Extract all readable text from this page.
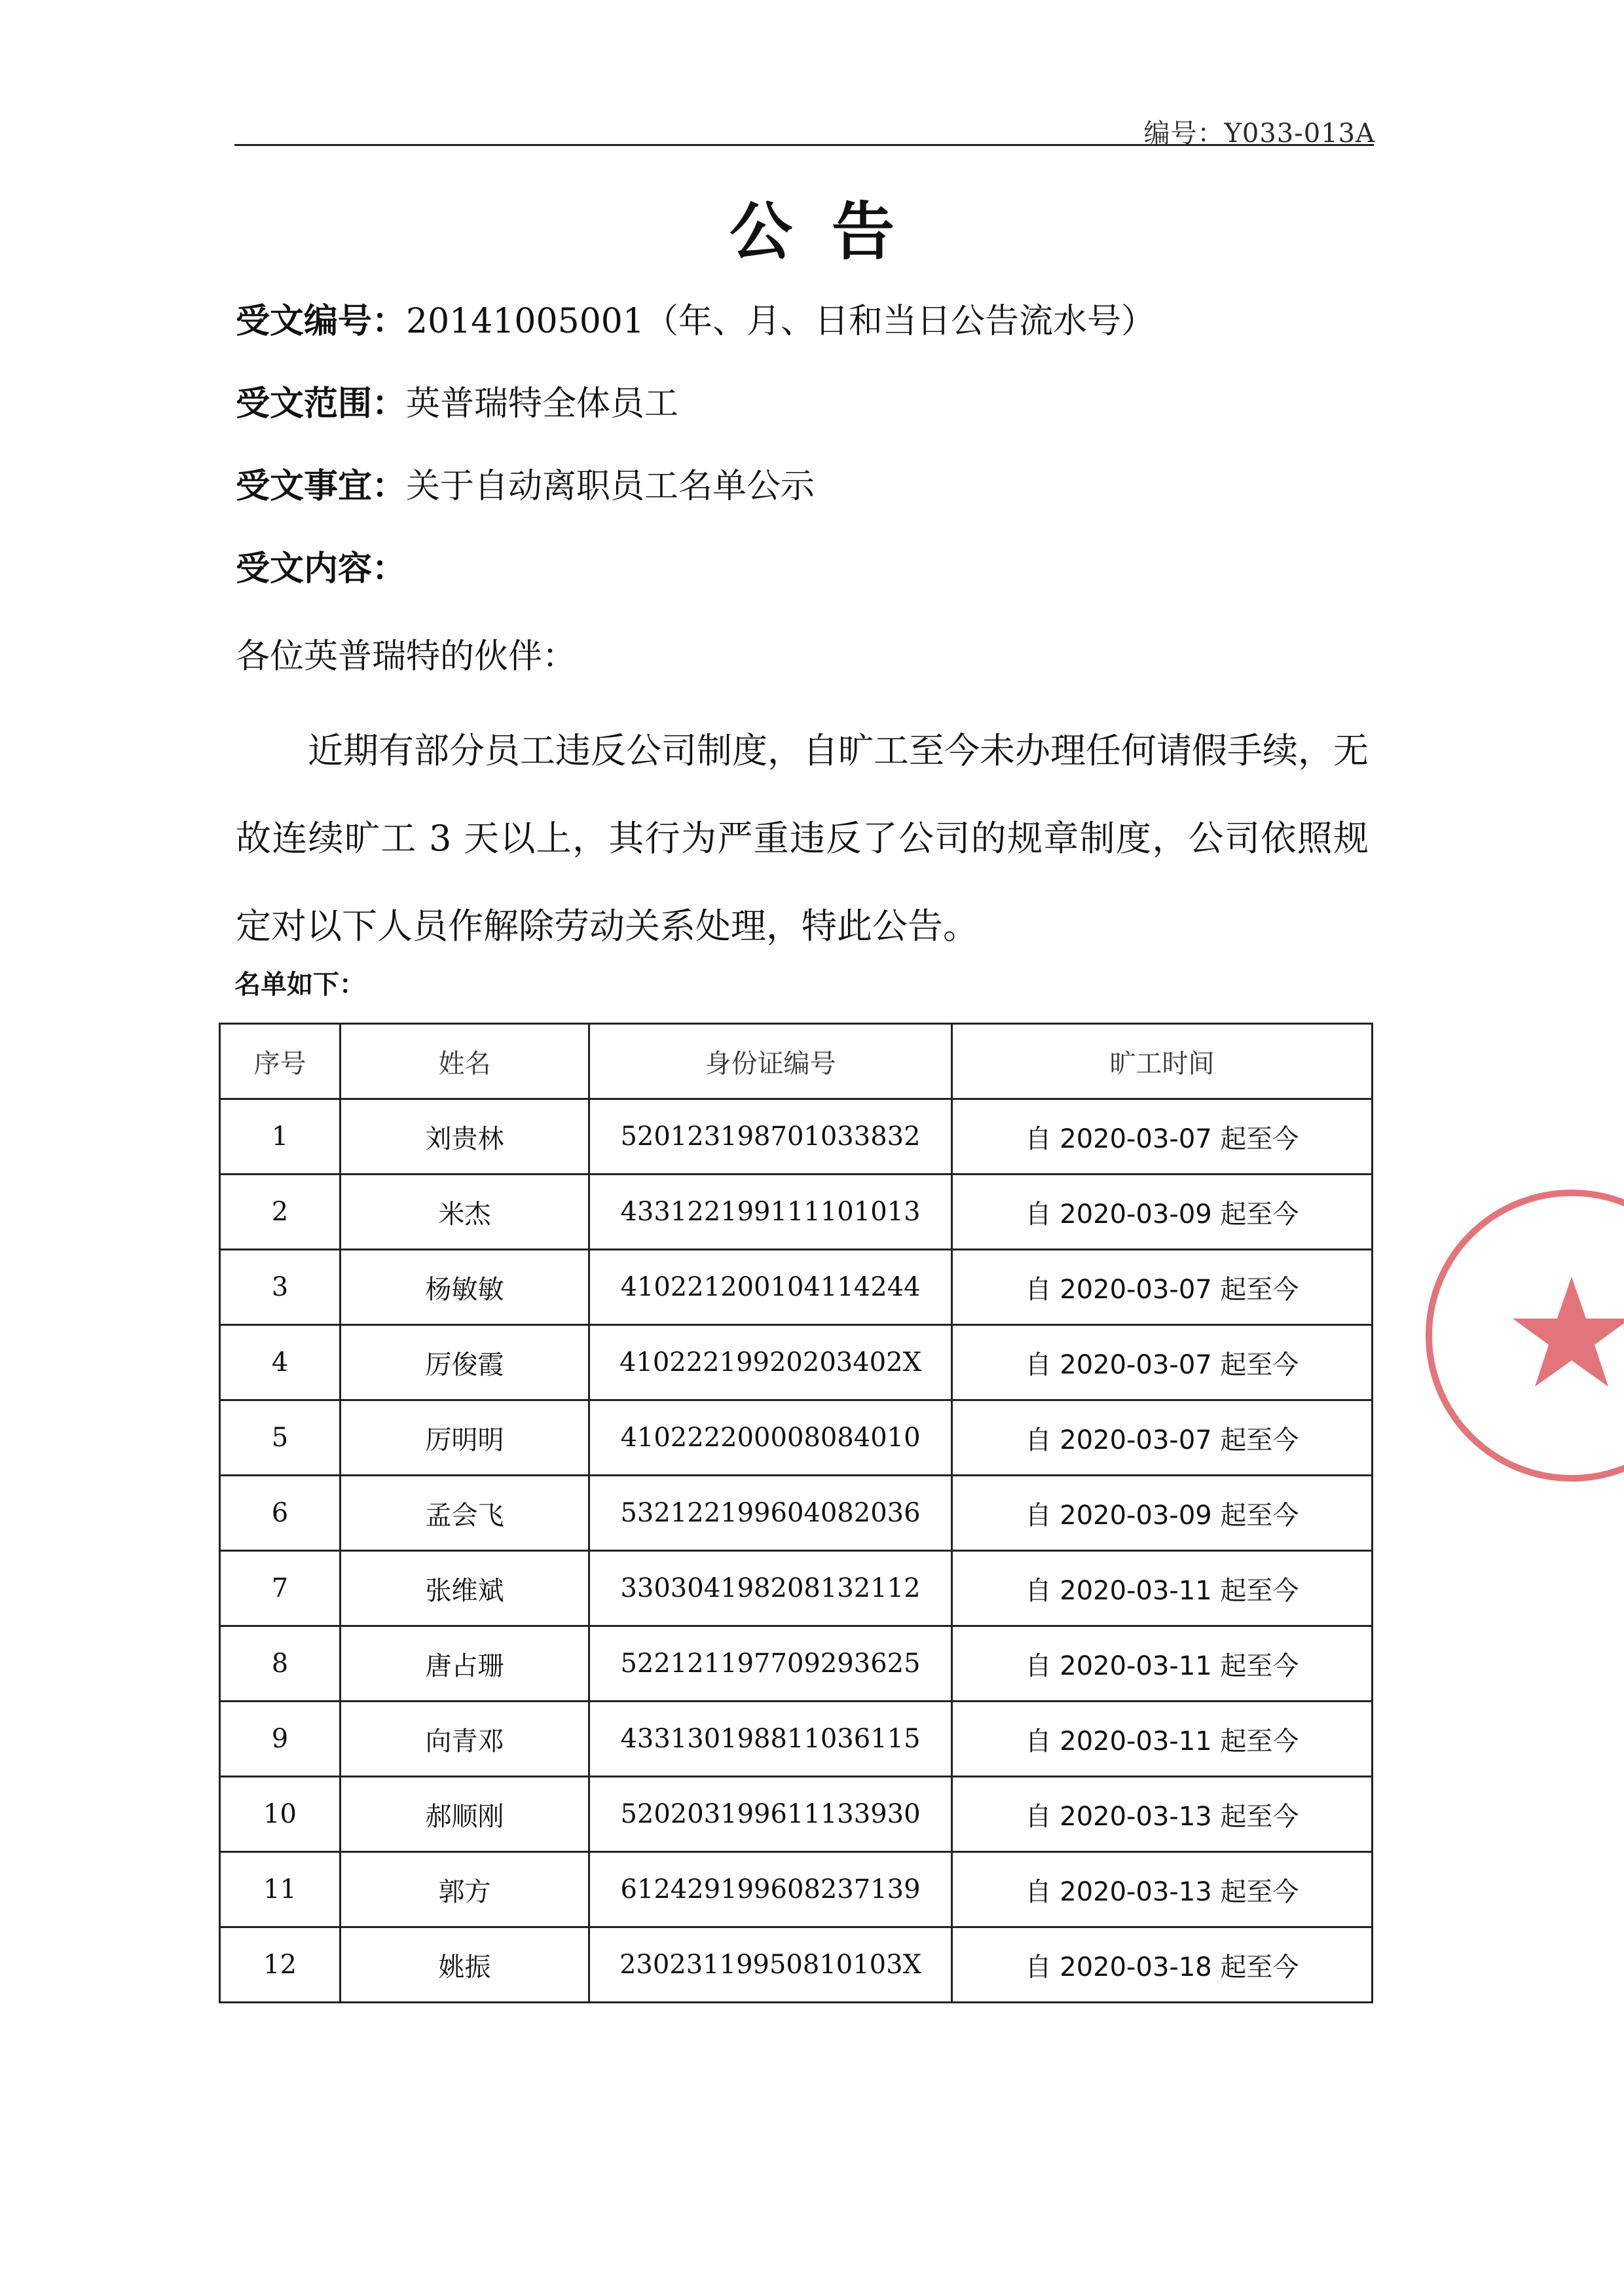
编号：Y033-013A
公告
受文编号：20141005001（年、月、日和当日公告流水号）
受文范围：英普瑞特全体员工
受文事宜：关于自动离职员工名单公示
受文内容：
各位英普瑞特的伙伴：

近期有部分员工违反公司制度，自旷工至今未办理任何请假手续，无故连续旷工 3 天以上，其行为严重违反了公司的规章制度，公司依照规定对以下人员作解除劳动关系处理，特此公告。

名单如下：
序号	姓名	身份证编号	旷工时间
1	刘贵林	520123198701033832	自 2020-03-07 起至今
2	米杰	433122199111101013	自 2020-03-09 起至今
3	杨敏敏	410221200104114244	自 2020-03-07 起至今
4	厉俊霞	41022219920203402X	自 2020-03-07 起至今
5	厉明明	410222200008084010	自 2020-03-07 起至今
6	孟会飞	532122199604082036	自 2020-03-09 起至今
7	张维斌	330304198208132112	自 2020-03-11 起至今
8	唐占珊	522121197709293625	自 2020-03-11 起至今
9	向青邓	433130198811036115	自 2020-03-11 起至今
10	郝顺刚	520203199611133930	自 2020-03-13 起至今
11	郭方	612429199608237139	自 2020-03-13 起至今
12	姚振	23023119950810103X	自 2020-03-18 起至今
